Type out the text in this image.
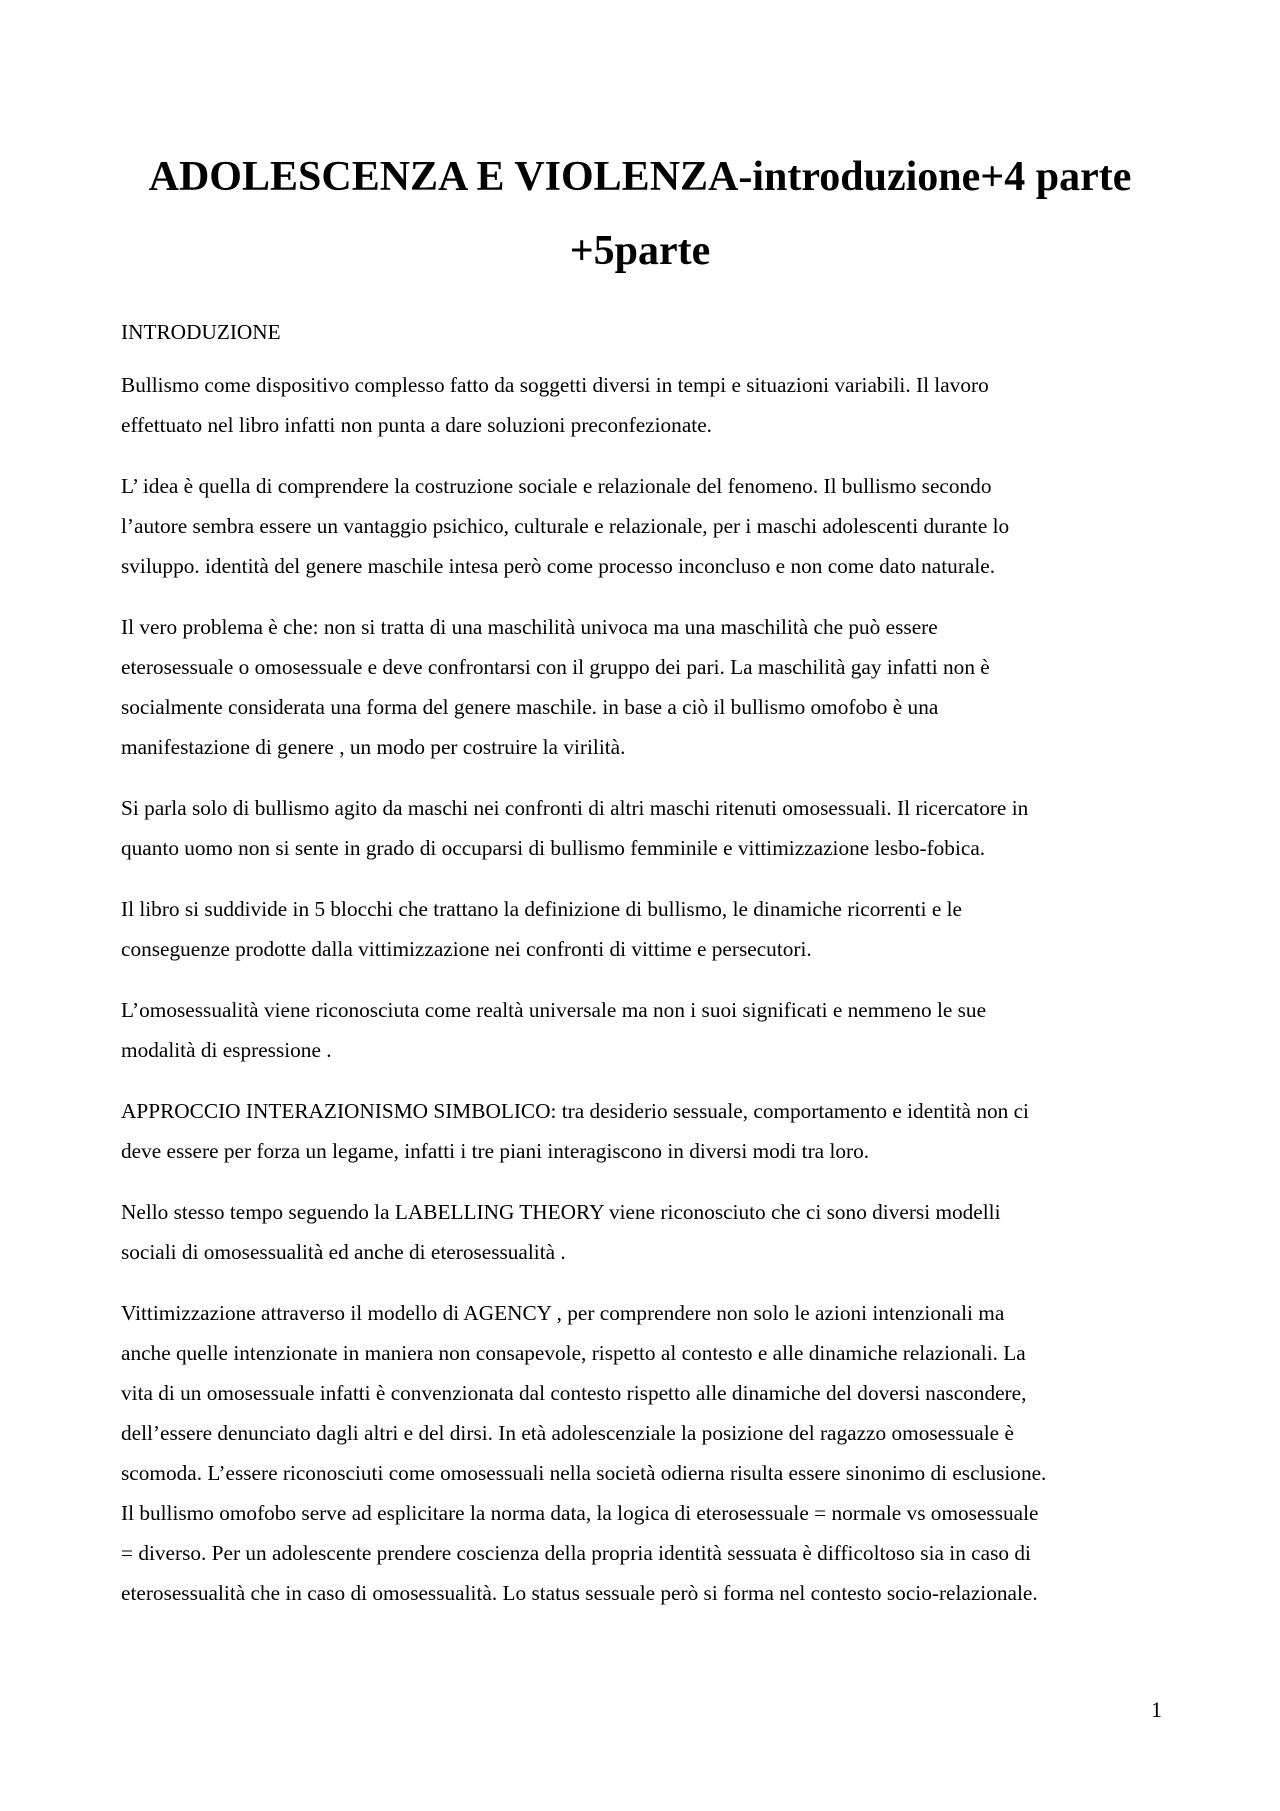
ADOLESCENZA E VIOLENZA-introduzione+4 parte
+5parte

INTRODUZIONE

Bullismo come dispositivo complesso fatto da soggetti diversi in tempi e situazioni variabili. Il lavoro
effettuato nel libro infatti non punta a dare soluzioni preconfezionate.

L’ idea è quella di comprendere la costruzione sociale e relazionale del fenomeno. Il bullismo secondo
l’autore sembra essere un vantaggio psichico, culturale e relazionale, per i maschi adolescenti durante lo
sviluppo. identità del genere maschile intesa però come processo inconcluso e non come dato naturale.

Il vero problema è che: non si tratta di una maschilità univoca ma una maschilità che può essere
eterosessuale o omosessuale e deve confrontarsi con il gruppo dei pari. La maschilità gay infatti non è
socialmente considerata una forma del genere maschile. in base a ciò il bullismo omofobo è una
manifestazione di genere , un modo per costruire la virilità.

Si parla solo di bullismo agito da maschi nei confronti di altri maschi ritenuti omosessuali. Il ricercatore in
quanto uomo non si sente in grado di occuparsi di bullismo femminile e vittimizzazione lesbo-fobica.

Il libro si suddivide in 5 blocchi che trattano la definizione di bullismo, le dinamiche ricorrenti e le
conseguenze prodotte dalla vittimizzazione nei confronti di vittime e persecutori.

L’omosessualità viene riconosciuta come realtà universale ma non i suoi significati e nemmeno le sue
modalità di espressione .

APPROCCIO INTERAZIONISMO SIMBOLICO: tra desiderio sessuale, comportamento e identità non ci
deve essere per forza un legame, infatti i tre piani interagiscono in diversi modi tra loro.

Nello stesso tempo seguendo la LABELLING THEORY viene riconosciuto che ci sono diversi modelli
sociali di omosessualità ed anche di eterosessualità .

Vittimizzazione attraverso il modello di AGENCY , per comprendere non solo le azioni intenzionali ma
anche quelle intenzionate in maniera non consapevole, rispetto al contesto e alle dinamiche relazionali. La
vita di un omosessuale infatti è convenzionata dal contesto rispetto alle dinamiche del doversi nascondere,
dell’essere denunciato dagli altri e del dirsi. In età adolescenziale la posizione del ragazzo omosessuale è
scomoda. L’essere riconosciuti come omosessuali nella società odierna risulta essere sinonimo di esclusione.
Il bullismo omofobo serve ad esplicitare la norma data, la logica di eterosessuale = normale vs omosessuale
= diverso. Per un adolescente prendere coscienza della propria identità sessuata è difficoltoso sia in caso di
eterosessualità che in caso di omosessualità. Lo status sessuale però si forma nel contesto socio-relazionale.

1
